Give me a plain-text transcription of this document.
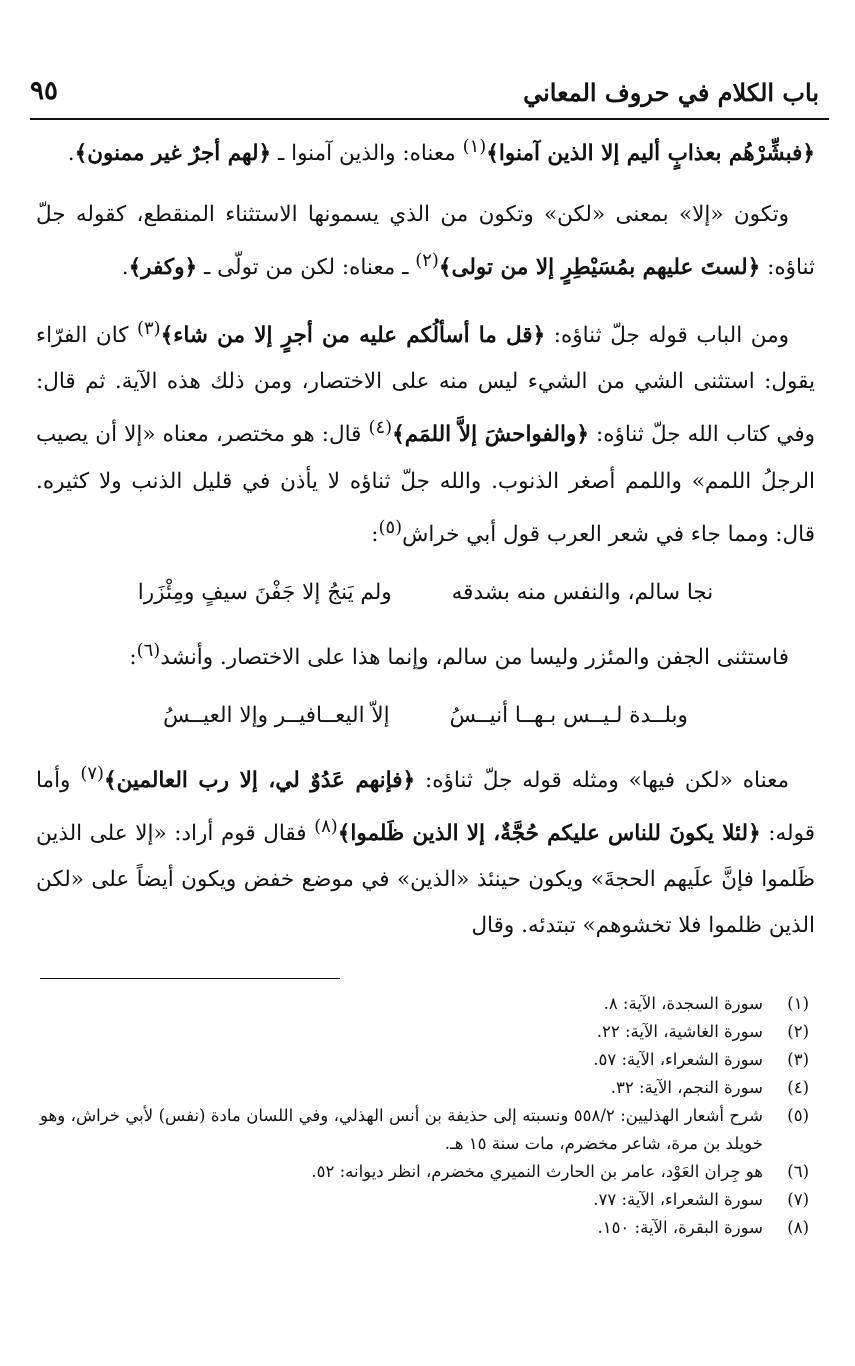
باب الكلام في حروف المعاني
٩٥

﴿فبشِّرْهُم بعذابٍ أليم إلا الذين آمنوا﴾$^{(١)}$ معناه: والذين آمنوا ـ ﴿لهم أجرٌ غير ممنون﴾.

وتكون «إلا» بمعنى «لكن» وتكون من الذي يسمونها الاستثناء المنقطع، كقوله جلّ ثناؤه: ﴿لستَ عليهم بمُسَيْطِرٍ إلا من تولى﴾$^{(٢)}$ ـ معناه: لكن من تولّى ـ ﴿وكفر﴾.

ومن الباب قوله جلّ ثناؤه: ﴿قل ما أسألُكم عليه من أجرٍ إلا من شاء﴾$^{(٣)}$ كان الفرّاء يقول: استثنى الشي من الشيء ليس منه على الاختصار، ومن ذلك هذه الآية. ثم قال: وفي كتاب الله جلّ ثناؤه: ﴿والفواحشَ إلاَّ اللمَم﴾$^{(٤)}$ قال: هو مختصر، معناه «إلا أن يصيب الرجلُ اللمم» واللمم أصغر الذنوب. والله جلّ ثناؤه لا يأذن في قليل الذنب ولا كثيره. قال: ومما جاء في شعر العرب قول أبي خراش$^{(٥)}$:

نجا سالم، والنفس منه بشدقه
ولم يَنجُ إلا جَفْنَ سيفٍ ومِئْزَرا

فاستثنى الجفن والمئزر وليسا من سالم، وإنما هذا على الاختصار. وأنشد$^{(٦)}$:

وبلــدة لـيــس بـهــا أنيــسُ
إلاّ اليعــافيــر وإلا العيــسُ

معناه «لكن فيها» ومثله قوله جلّ ثناؤه: ﴿فإنهم عَدُوٌ لي، إلا رب العالمين﴾$^{(٧)}$ وأما قوله: ﴿لئلا يكونَ للناس عليكم حُجَّةٌ، إلا الذين ظَلموا﴾$^{(٨)}$ فقال قوم أراد: «إلا على الذين ظَلموا فإنَّ علَيهم الحجةَ» ويكون حينئذ «الذين» في موضع خفض ويكون أيضاً على «لكن الذين ظلموا فلا تخشوهم» تبتدئه. وقال

(١)
سورة السجدة، الآية: ٨.
(٢)
سورة الغاشية، الآية: ٢٢.
(٣)
سورة الشعراء، الآية: ٥٧.
(٤)
سورة النجم، الآية: ٣٢.
(٥)
شرح أشعار الهذليين: ٥٥٨/٢ ونسبته إلى حذيفة بن أنس الهذلي، وفي اللسان مادة (نفس) لأبي خراش، وهو خويلد بن مرة، شاعر مخضرم، مات سنة ١٥ هـ.
(٦)
هو جِران العَوْد، عامر بن الحارث النميري مخضرم، انظر ديوانه: ٥٢.
(٧)
سورة الشعراء، الآية: ٧٧.
(٨)
سورة البقرة، الآية: ١٥٠.
